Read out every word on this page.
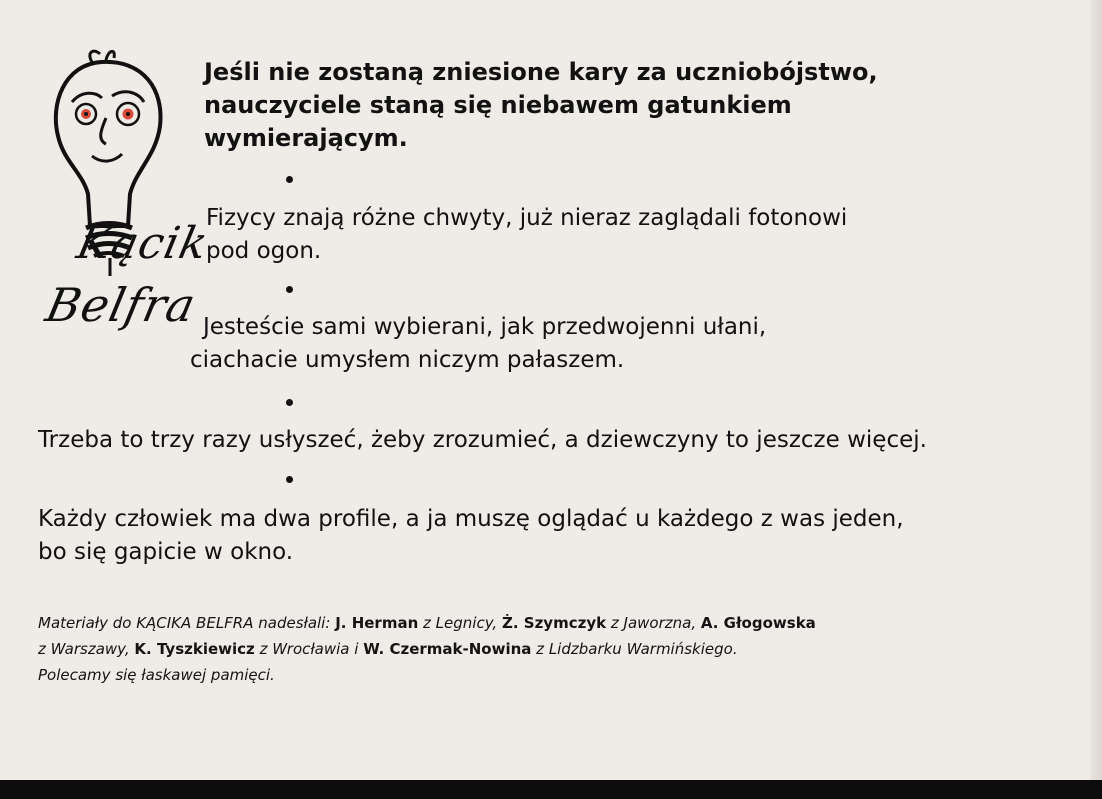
Kącik
Belfra
Jeśli nie zostaną zniesione kary za uczniobójstwo,
nauczyciele staną się niebawem gatunkiem
wymierającym.
Fizycy znają różne chwyty, już nieraz zaglądali fotonowi
pod ogon.
Jesteście sami wybierani, jak przedwojenni ułani,
ciachacie umysłem niczym pałaszem.
Trzeba to trzy razy usłyszeć, żeby zrozumieć, a dziewczyny to jeszcze więcej.
Każdy człowiek ma dwa profile, a ja muszę oglądać u każdego z was jeden,
bo się gapicie w okno.
Materiały do KĄCIKA BELFRA nadesłali: J. Herman z Legnicy, Ż. Szymczyk z Jaworzna, A. Głogowska
z Warszawy, K. Tyszkiewicz z Wrocławia i W. Czermak-Nowina z Lidzbarku Warmińskiego.
Polecamy się łaskawej pamięci.
